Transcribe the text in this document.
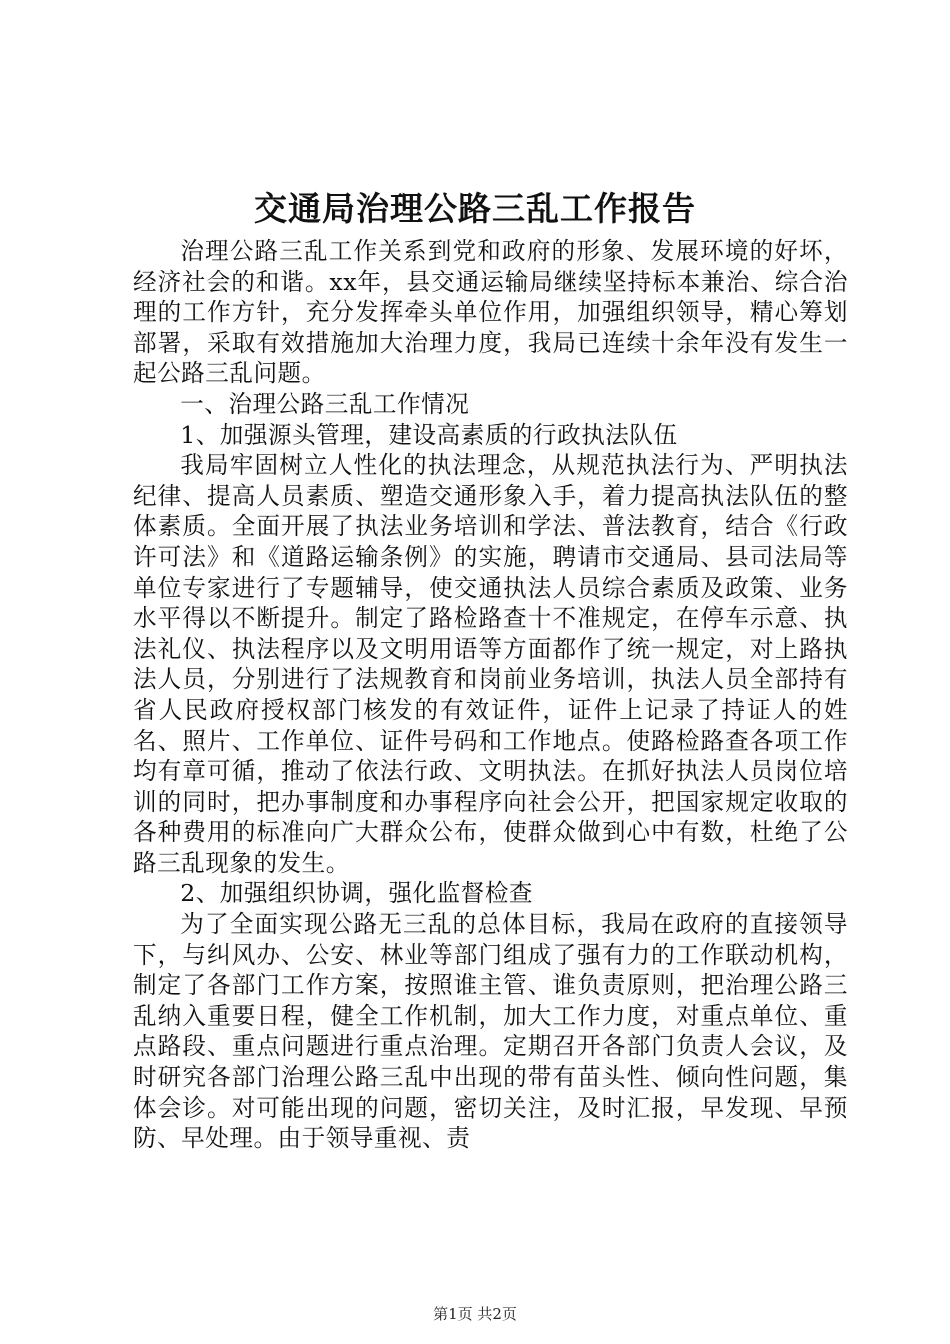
交通局治理公路三乱工作报告

治理公路三乱工作关系到党和政府的形象、发展环境的好坏，经济社会的和谐。xx年，县交通运输局继续坚持标本兼治、综合治理的工作方针，充分发挥牵头单位作用，加强组织领导，精心筹划部署，采取有效措施加大治理力度，我局已连续十余年没有发生一起公路三乱问题。

一、治理公路三乱工作情况

1、加强源头管理，建设高素质的行政执法队伍

我局牢固树立人性化的执法理念，从规范执法行为、严明执法纪律、提高人员素质、塑造交通形象入手，着力提高执法队伍的整体素质。全面开展了执法业务培训和学法、普法教育，结合《行政许可法》和《道路运输条例》的实施，聘请市交通局、县司法局等单位专家进行了专题辅导，使交通执法人员综合素质及政策、业务水平得以不断提升。制定了路检路查十不准规定，在停车示意、执法礼仪、执法程序以及文明用语等方面都作了统一规定，对上路执法人员，分别进行了法规教育和岗前业务培训，执法人员全部持有省人民政府授权部门核发的有效证件，证件上记录了持证人的姓名、照片、工作单位、证件号码和工作地点。使路检路查各项工作均有章可循，推动了依法行政、文明执法。在抓好执法人员岗位培训的同时，把办事制度和办事程序向社会公开，把国家规定收取的各种费用的标准向广大群众公布，使群众做到心中有数，杜绝了公路三乱现象的发生。

2、加强组织协调，强化监督检查

为了全面实现公路无三乱的总体目标，我局在政府的直接领导下，与纠风办、公安、林业等部门组成了强有力的工作联动机构，制定了各部门工作方案，按照谁主管、谁负责原则，把治理公路三乱纳入重要日程，健全工作机制，加大工作力度，对重点单位、重点路段、重点问题进行重点治理。定期召开各部门负责人会议，及时研究各部门治理公路三乱中出现的带有苗头性、倾向性问题，集体会诊。对可能出现的问题，密切关注，及时汇报，早发现、早预防、早处理。由于领导重视、责

第1页 共2页
